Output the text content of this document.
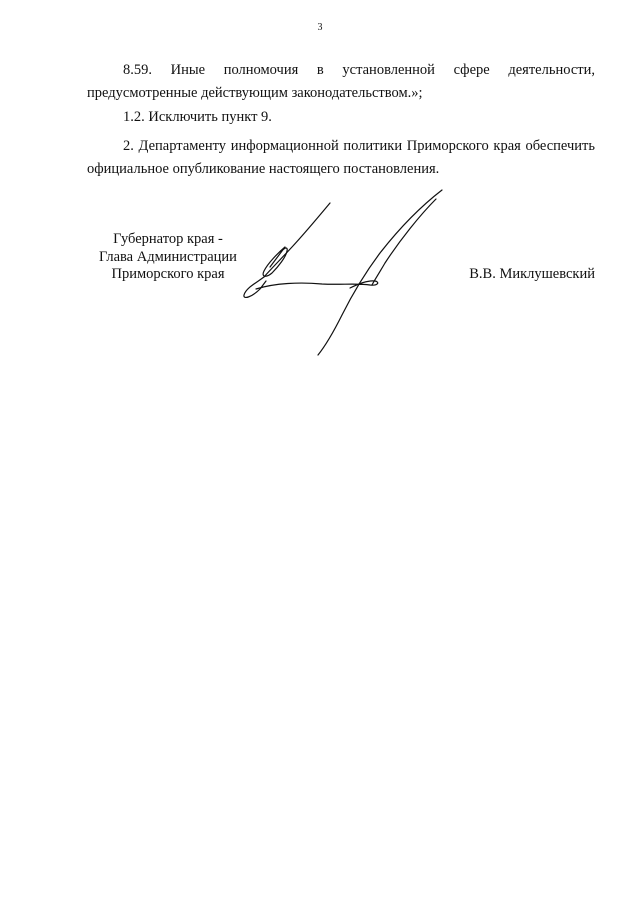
3

8.59. Иные полномочия в установленной сфере деятельности, предусмотренные действующим законодательством.»;

1.2. Исключить пункт 9.

2. Департаменту информационной политики Приморского края обеспечить официальное опубликование настоящего постановления.

Губернатор края -
Глава Администрации
Приморского края	В.В. Миклушевский
